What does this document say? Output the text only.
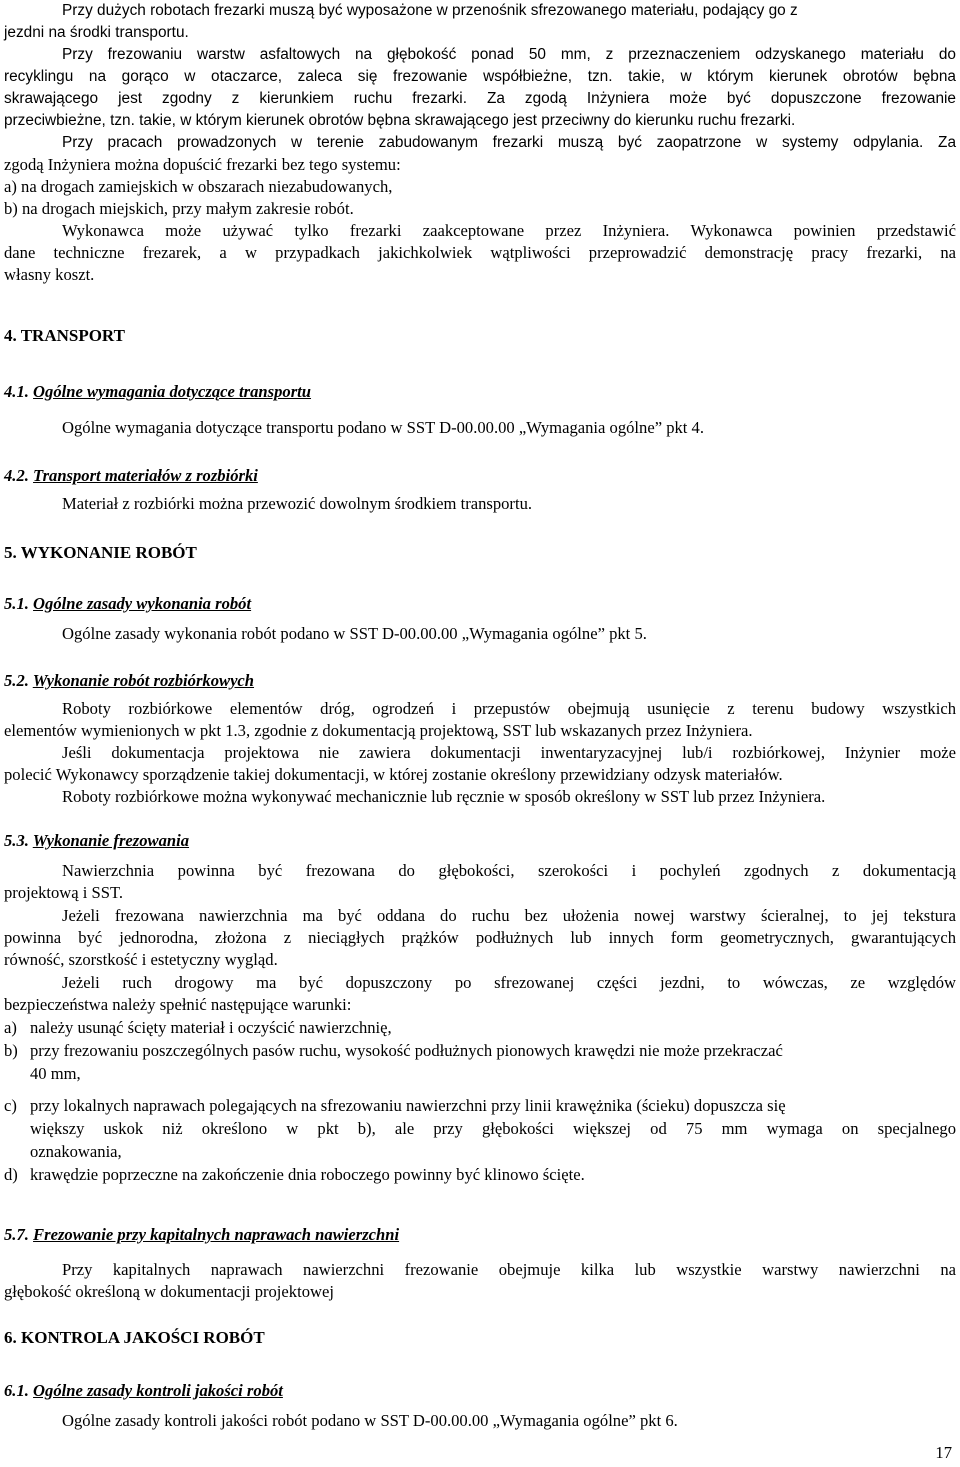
Przy dużych robotach frezarki muszą być wyposażone w przenośnik sfrezowanego materiału, podający go z
jezdni na środki transportu.
Przy frezowaniu warstw asfaltowych na głębokość ponad 50 mm, z przeznaczeniem odzyskanego materiału do
recyklingu na gorąco w otaczarce, zaleca się frezowanie współbieżne, tzn. takie, w którym kierunek obrotów bębna
skrawającego jest zgodny z kierunkiem ruchu frezarki. Za zgodą Inżyniera może być dopuszczone frezowanie
przeciwbieżne, tzn. takie, w którym kierunek obrotów bębna skrawającego jest przeciwny do kierunku ruchu frezarki.
Przy pracach prowadzonych w terenie zabudowanym frezarki muszą być zaopatrzone w systemy odpylania. Za
zgodą Inżyniera można dopuścić frezarki bez tego systemu:
a) na drogach zamiejskich w obszarach niezabudowanych,
b) na drogach miejskich, przy małym zakresie robót.
Wykonawca może używać tylko frezarki zaakceptowane przez Inżyniera. Wykonawca powinien przedstawić
dane techniczne frezarek, a w przypadkach jakichkolwiek wątpliwości przeprowadzić demonstrację pracy frezarki, na
własny koszt.
4. TRANSPORT
4.1. Ogólne wymagania dotyczące transportu
Ogólne wymagania dotyczące transportu podano w SST D-00.00.00 „Wymagania ogólne” pkt 4.
4.2. Transport materiałów z rozbiórki
Materiał z rozbiórki można przewozić dowolnym środkiem transportu.
5. WYKONANIE ROBÓT
5.1. Ogólne zasady wykonania robót
Ogólne zasady wykonania robót podano w SST D-00.00.00 „Wymagania ogólne” pkt 5.
5.2. Wykonanie robót rozbiórkowych
Roboty rozbiórkowe elementów dróg, ogrodzeń i przepustów obejmują usunięcie z terenu budowy wszystkich
elementów wymienionych w pkt 1.3, zgodnie z dokumentacją projektową, SST lub wskazanych przez Inżyniera.
Jeśli dokumentacja projektowa nie zawiera dokumentacji inwentaryzacyjnej lub/i rozbiórkowej, Inżynier może
polecić Wykonawcy sporządzenie takiej dokumentacji, w której zostanie określony przewidziany odzysk materiałów.
Roboty rozbiórkowe można wykonywać mechanicznie lub ręcznie w sposób określony w SST lub przez Inżyniera.
5.3. Wykonanie frezowania
Nawierzchnia powinna być frezowana do głębokości, szerokości i pochyleń zgodnych z dokumentacją
projektową i SST.
Jeżeli frezowana nawierzchnia ma być oddana do ruchu bez ułożenia nowej warstwy ścieralnej, to jej tekstura
powinna być jednorodna, złożona z nieciągłych prążków podłużnych lub innych form geometrycznych, gwarantujących
równość, szorstkość i estetyczny wygląd.
Jeżeli ruch drogowy ma być dopuszczony po sfrezowanej części jezdni, to wówczas, ze względów
bezpieczeństwa należy spełnić następujące warunki:
a) należy usunąć ścięty materiał i oczyścić nawierzchnię,
b) przy frezowaniu poszczególnych pasów ruchu, wysokość podłużnych pionowych krawędzi nie może przekraczać
40 mm,
c) przy lokalnych naprawach polegających na sfrezowaniu nawierzchni przy linii krawężnika (ścieku) dopuszcza się
większy uskok niż określono w pkt b), ale przy głębokości większej od 75 mm wymaga on specjalnego
oznakowania,
d) krawędzie poprzeczne na zakończenie dnia roboczego powinny być klinowo ścięte.
5.7. Frezowanie przy kapitalnych naprawach nawierzchni
Przy kapitalnych naprawach nawierzchni frezowanie obejmuje kilka lub wszystkie warstwy nawierzchni na
głębokość określoną w dokumentacji projektowej
6. KONTROLA JAKOŚCI ROBÓT
6.1. Ogólne zasady kontroli jakości robót
Ogólne zasady kontroli jakości robót podano w SST D-00.00.00 „Wymagania ogólne” pkt 6.
17
